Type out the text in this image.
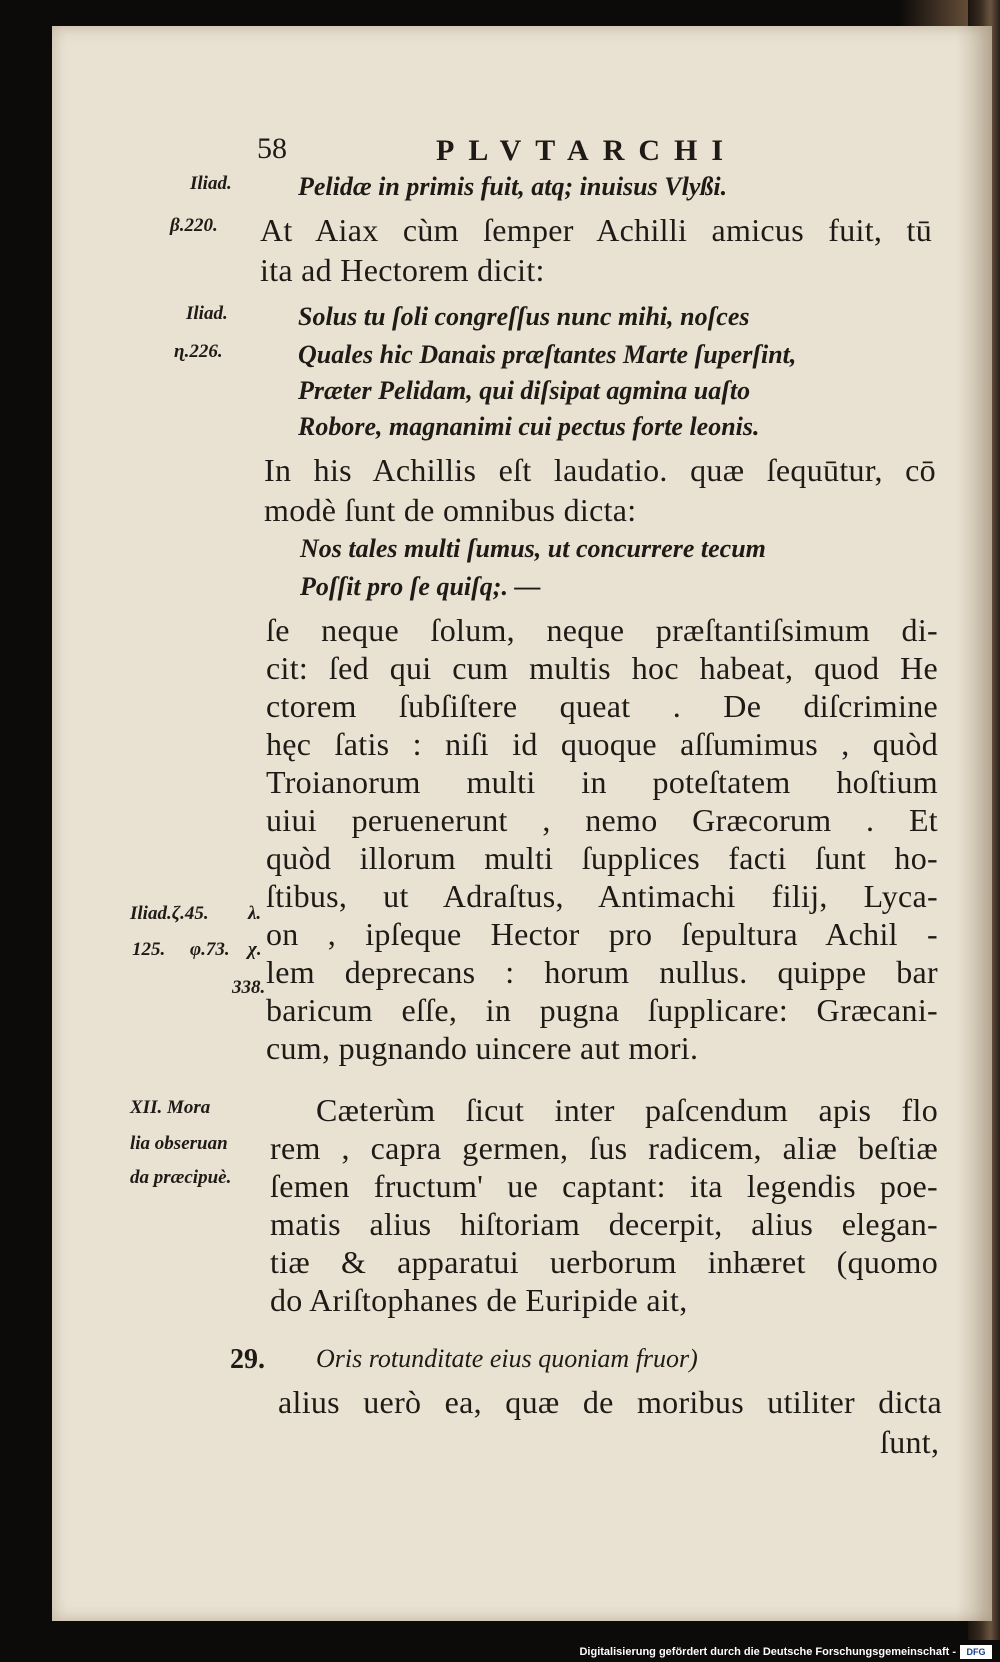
58	PLVTARCHI
Iliad.
β.220.
Iliad.
ɳ.226.
Iliad.ζ.45. λ.
125. φ.73. χ.
338.
XII. Mora
lia obseruan
da præcipuè.
29.
Pelidæ in primis fuit, atq; inuisus Vlyßi.
At Aiax cùm ſemper Achilli amicus fuit, tū
ita ad Hectorem dicit:
Solus tu ſoli congreſſus nunc mihi, noſces
Quales hic Danais præſtantes Marte ſuperſint,
Præter Pelidam, qui diſsipat agmina uaſto
Robore, magnanimi cui pectus forte leonis.
In his Achillis eſt laudatio. quæ ſequūtur, cō
modè ſunt de omnibus dicta:
Nos tales multi ſumus, ut concurrere tecum
Poſſit pro ſe quiſq;. —
ſe neque ſolum, neque præſtantiſsimum di-
cit: ſed qui cum multis hoc habeat, quod He
ctorem ſubſiſtere queat . De diſcrimine
hęc ſatis : niſi id quoque aſſumimus , quòd
Troianorum multi in poteſtatem hoſtium
uiui peruenerunt , nemo Græcorum . Et
quòd illorum multi ſupplices facti ſunt ho-
ſtibus, ut Adraſtus, Antimachi filij, Lyca-
on , ipſeque Hector pro ſepultura Achil -
lem deprecans : horum nullus. quippe bar
baricum eſſe, in pugna ſupplicare: Græcani-
cum, pugnando uincere aut mori.
Cæterùm ſicut inter paſcendum apis flo
rem , capra germen, ſus radicem, aliæ beſtiæ
ſemen fructum' ue captant: ita legendis poe-
matis alius hiſtoriam decerpit, alius elegan-
tiæ & apparatui uerborum inhæret (quomo
do Ariſtophanes de Euripide ait,
Oris rotunditate eius quoniam fruor)
alius uerò ea, quæ de moribus utiliter dicta
ſunt,
Digitalisierung gefördert durch die Deutsche Forschungsgemeinschaft -	DFG
